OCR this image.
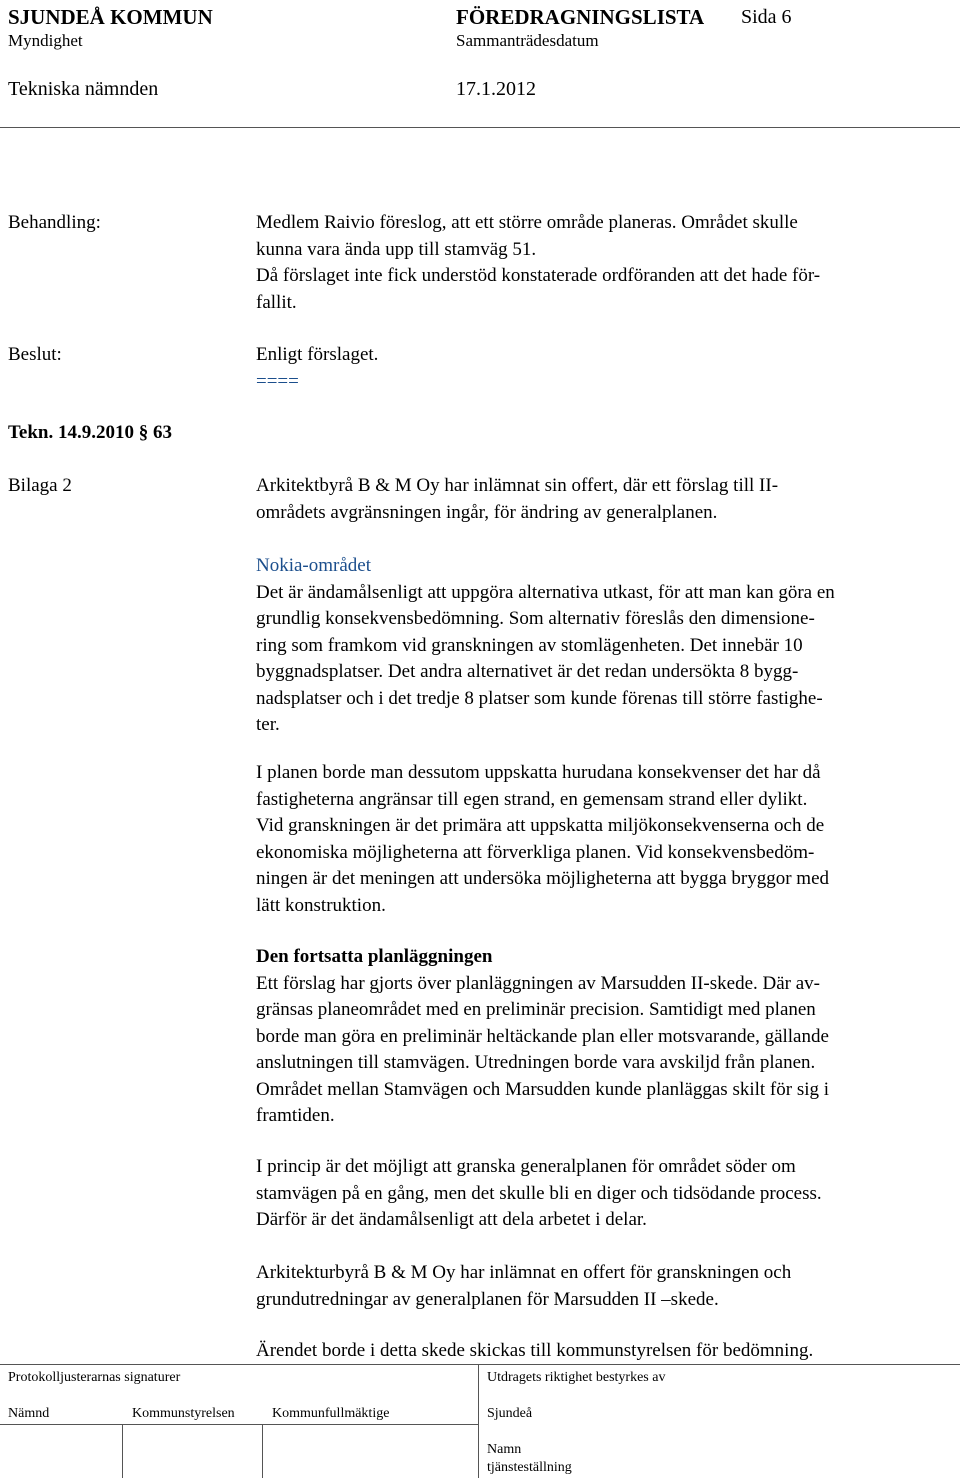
SJUNDEÅ KOMMUN	FÖREDRAGNINGSLISTA Sida 6
Myndighet	Sammanträdesdatum
Tekniska nämnden	17.1.2012
Behandling:	Medlem Raivio föreslog, att ett större område planeras. Området skulle
kunna vara ända upp till stamväg 51.
Då förslaget inte fick understöd konstaterade ordföranden att det hade för-
fallit.
Beslut:	Enligt förslaget.
====
Tekn. 14.9.2010 § 63
Bilaga 2	Arkitektbyrå B & M Oy har inlämnat sin offert, där ett förslag till II-
områdets avgränsningen ingår, för ändring av generalplanen.
Nokia-området
Det är ändamålsenligt att uppgöra alternativa utkast, för att man kan göra en
grundlig konsekvensbedömning. Som alternativ föreslås den dimensione-
ring som framkom vid granskningen av stomlägenheten. Det innebär 10
byggnadsplatser. Det andra alternativet är det redan undersökta 8 bygg-
nadsplatser och i det tredje 8 platser som kunde förenas till större fastighe-
ter.
I planen borde man dessutom uppskatta hurudana konsekvenser det har då
fastigheterna angränsar till egen strand, en gemensam strand eller dylikt.
Vid granskningen är det primära att uppskatta miljökonsekvenserna och de
ekonomiska möjligheterna att förverkliga planen. Vid konsekvensbedöm-
ningen är det meningen att undersöka möjligheterna att bygga bryggor med
lätt konstruktion.
Den fortsatta planläggningen
Ett förslag har gjorts över planläggningen av Marsudden II-skede. Där av-
gränsas planeområdet med en preliminär precision. Samtidigt med planen
borde man göra en preliminär heltäckande plan eller motsvarande, gällande
anslutningen till stamvägen. Utredningen borde vara avskiljd från planen.
Området mellan Stamvägen och Marsudden kunde planläggas skilt för sig i
framtiden.
I princip är det möjligt att granska generalplanen för området söder om
stamvägen på en gång, men det skulle bli en diger och tidsödande process.
Därför är det ändamålsenligt att dela arbetet i delar.
Arkitekturbyrå B & M Oy har inlämnat en offert för granskningen och
grundutredningar av generalplanen för Marsudden II –skede.
Ärendet borde i detta skede skickas till kommunstyrelsen för bedömning.
Protokolljusterarnas signaturer	Utdragets riktighet bestyrkes av
Nämnd	Kommunstyrelsen	Kommunfullmäktige	Sjundeå
Namn
tjänsteställning
